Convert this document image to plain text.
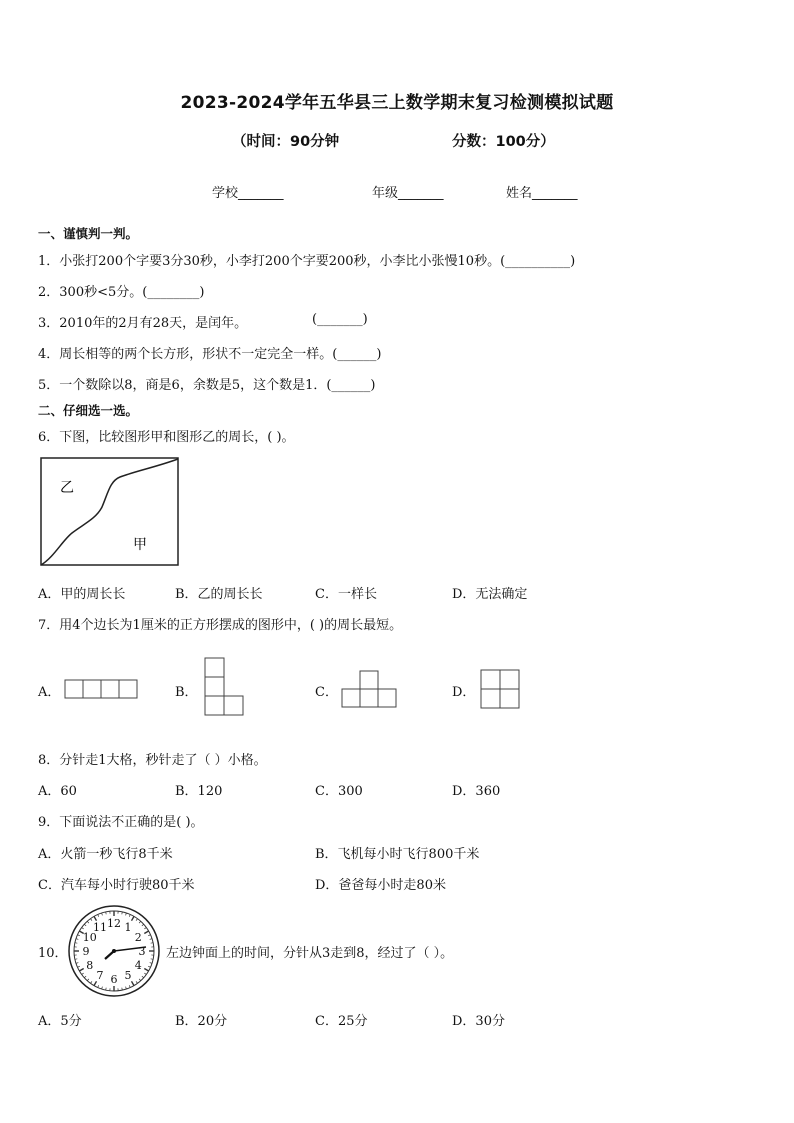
2023-2024学年五华县三上数学期末复习检测模拟试题
（时间：90分钟	分数：100分）
学校_______	年级_______	姓名_______
一、谨慎判一判。
1．小张打200个字要3分30秒，小李打200个字要200秒，小李比小张慢10秒。(__________)
2．300秒<5分。(________)
3．2010年的2月有28天，是闰年。	(_______)
4．周长相等的两个长方形，形状不一定完全一样。(______)
5．一个数除以8，商是6，余数是5，这个数是1．(______)
二、仔细选一选。
6．下图，比较图形甲和图形乙的周长，( )。
乙
甲
A．甲的周长长	B．乙的周长长	C．一样长	D．无法确定
7．用4个边长为1厘米的正方形摆成的图形中，( )的周长最短。
A．	B．	C．	D．
8．分针走1大格，秒针走了（ ）小格。
A．60	B．120	C．300	D．360
9．下面说法不正确的是( )。
A．火箭一秒飞行8千米	B．飞机每小时飞行800千米
C．汽车每小时行驶80千米	D．爸爸每小时走80米
10．
12 1
2
3
4
5
6
7
8
9
10
11
左边钟面上的时间，分针从3走到8，经过了（ ）。
A．5分	B．20分	C．25分	D．30分
